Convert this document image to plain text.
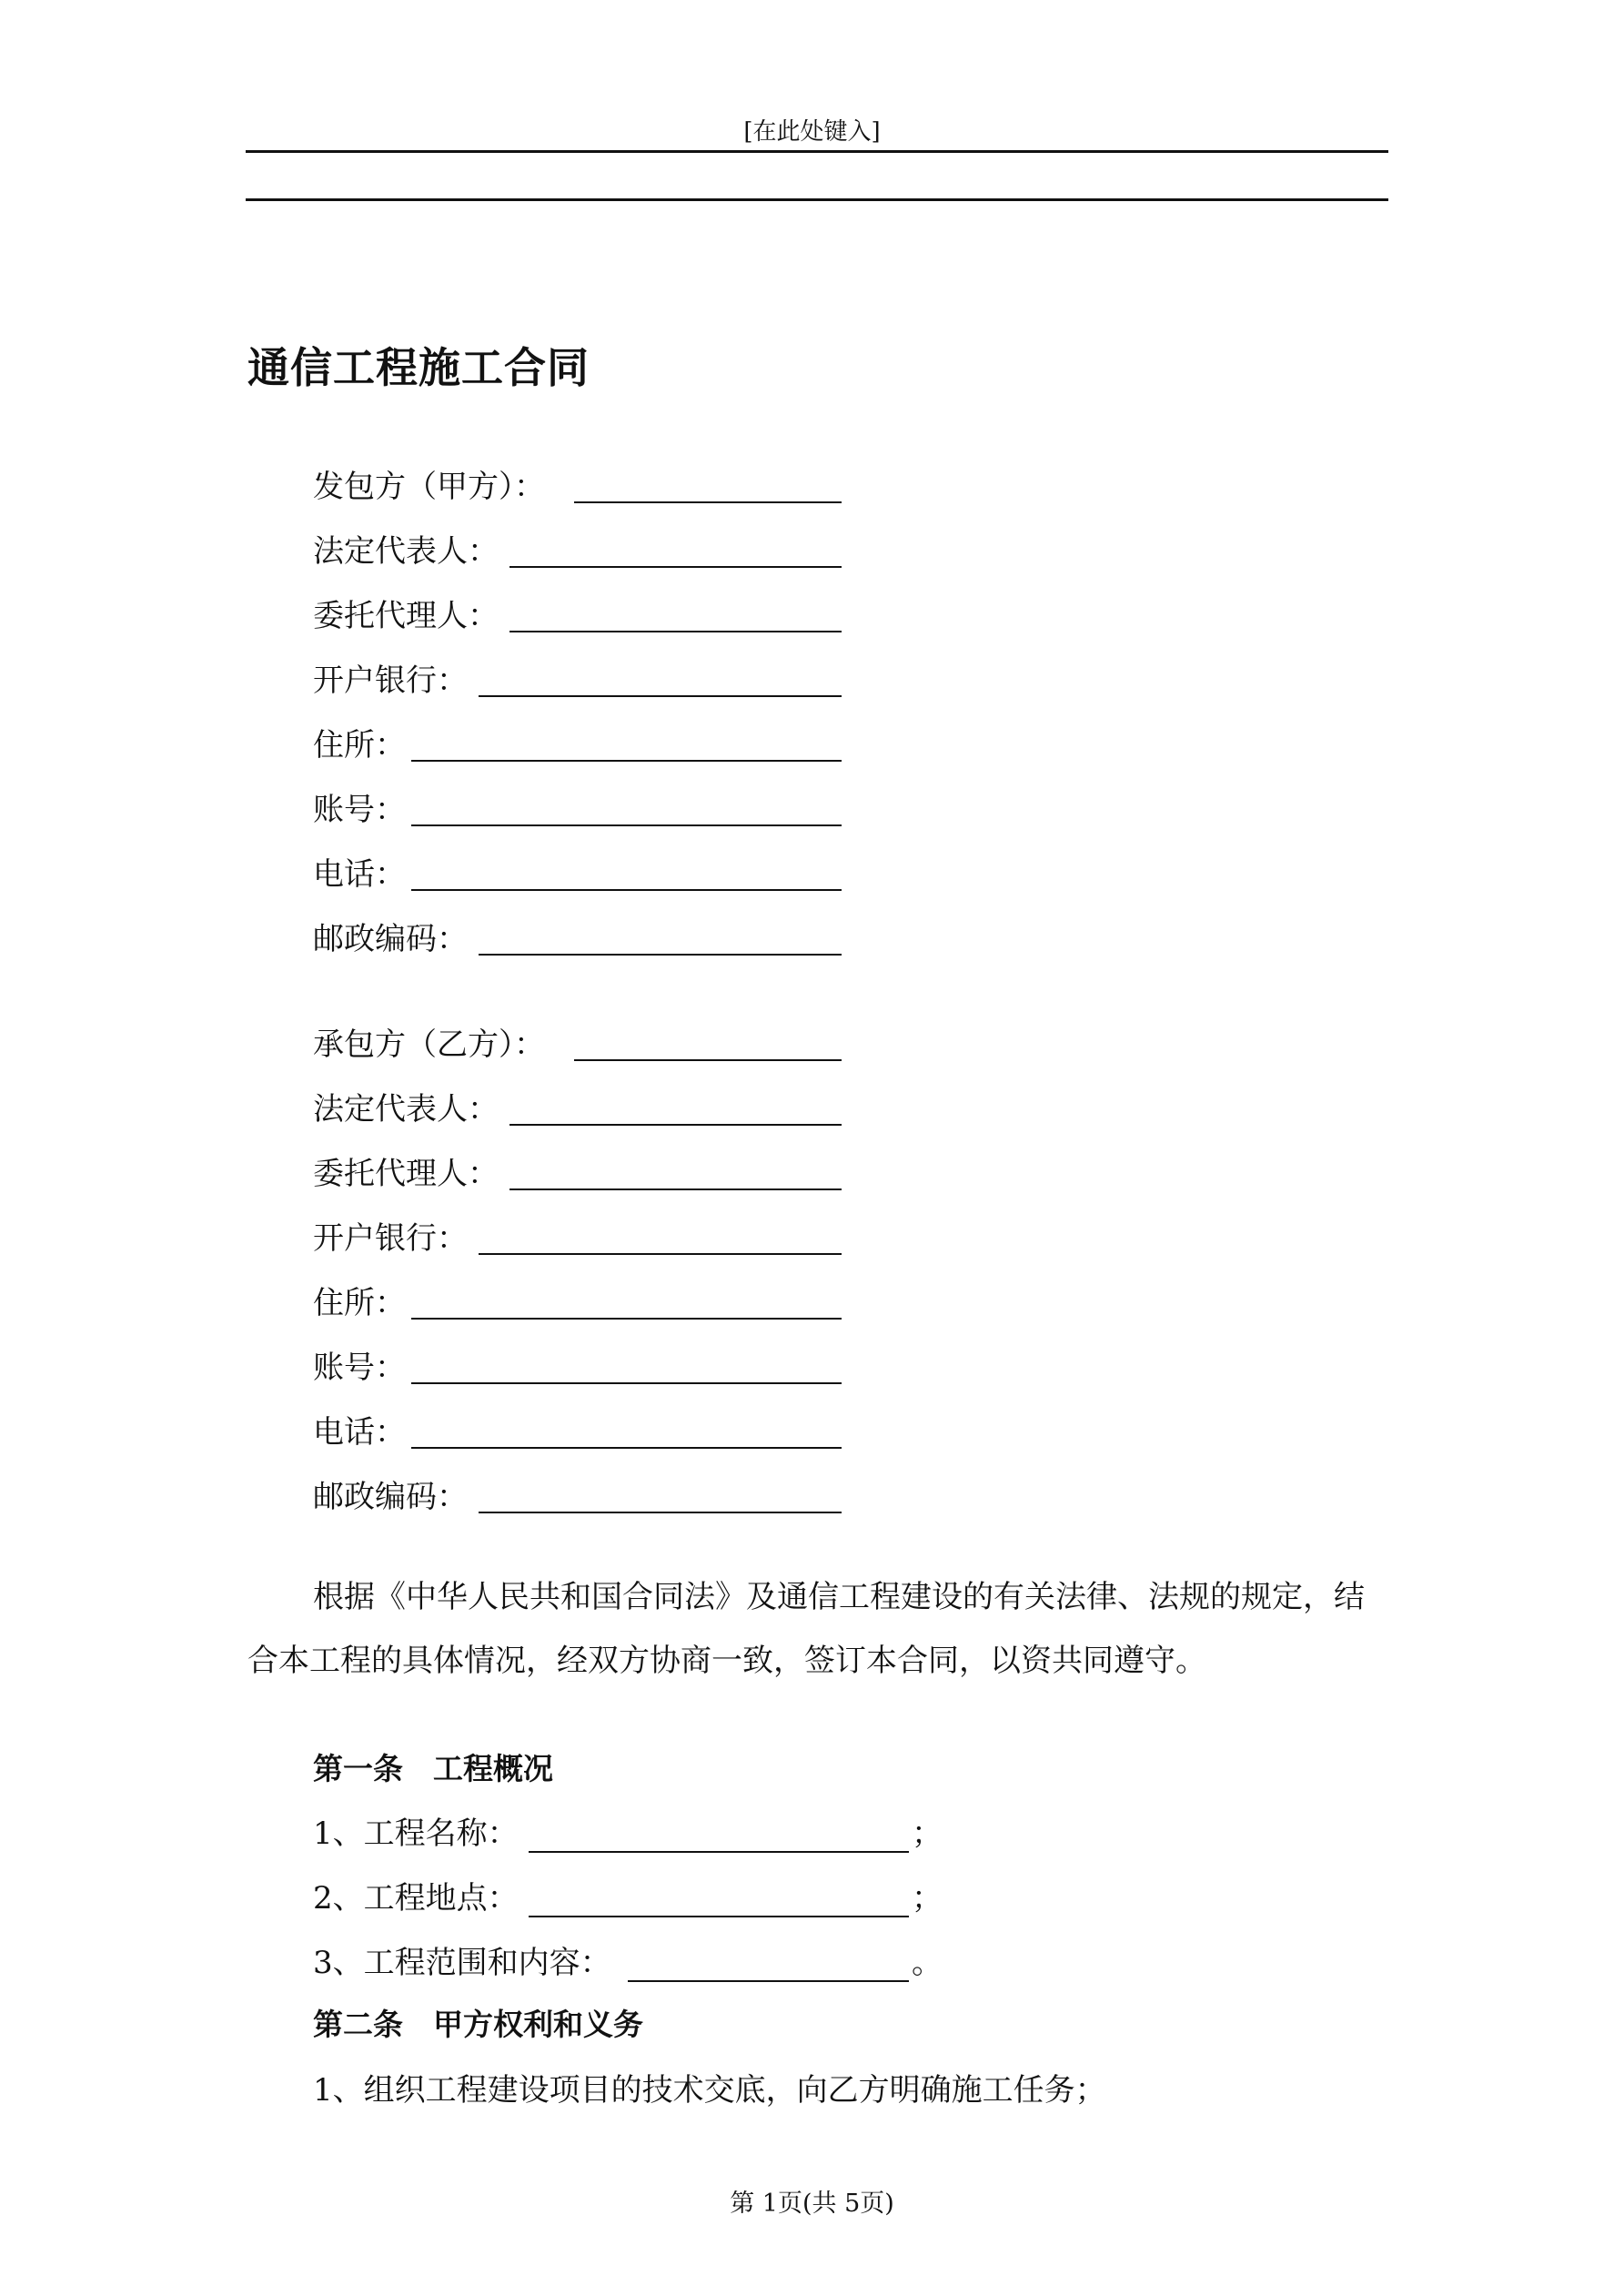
[在此处键入]
通信工程施工合同
发包方（甲方）：
法定代表人：
委托代理人：
开户银行：
住所：
账号：
电话：
邮政编码：
承包方（乙方）：
法定代表人：
委托代理人：
开户银行：
住所：
账号：
电话：
邮政编码：
根据《中华人民共和国合同法》及通信工程建设的有关法律、法规的规定，结合本工程的具体情况，经双方协商一致，签订本合同，以资共同遵守。
第一条　工程概况
1、工程名称：	；
2、工程地点：	；
3、工程范围和内容：	。
第二条　甲方权利和义务
1、组织工程建设项目的技术交底，向乙方明确施工任务；
第 1页(共 5页)
